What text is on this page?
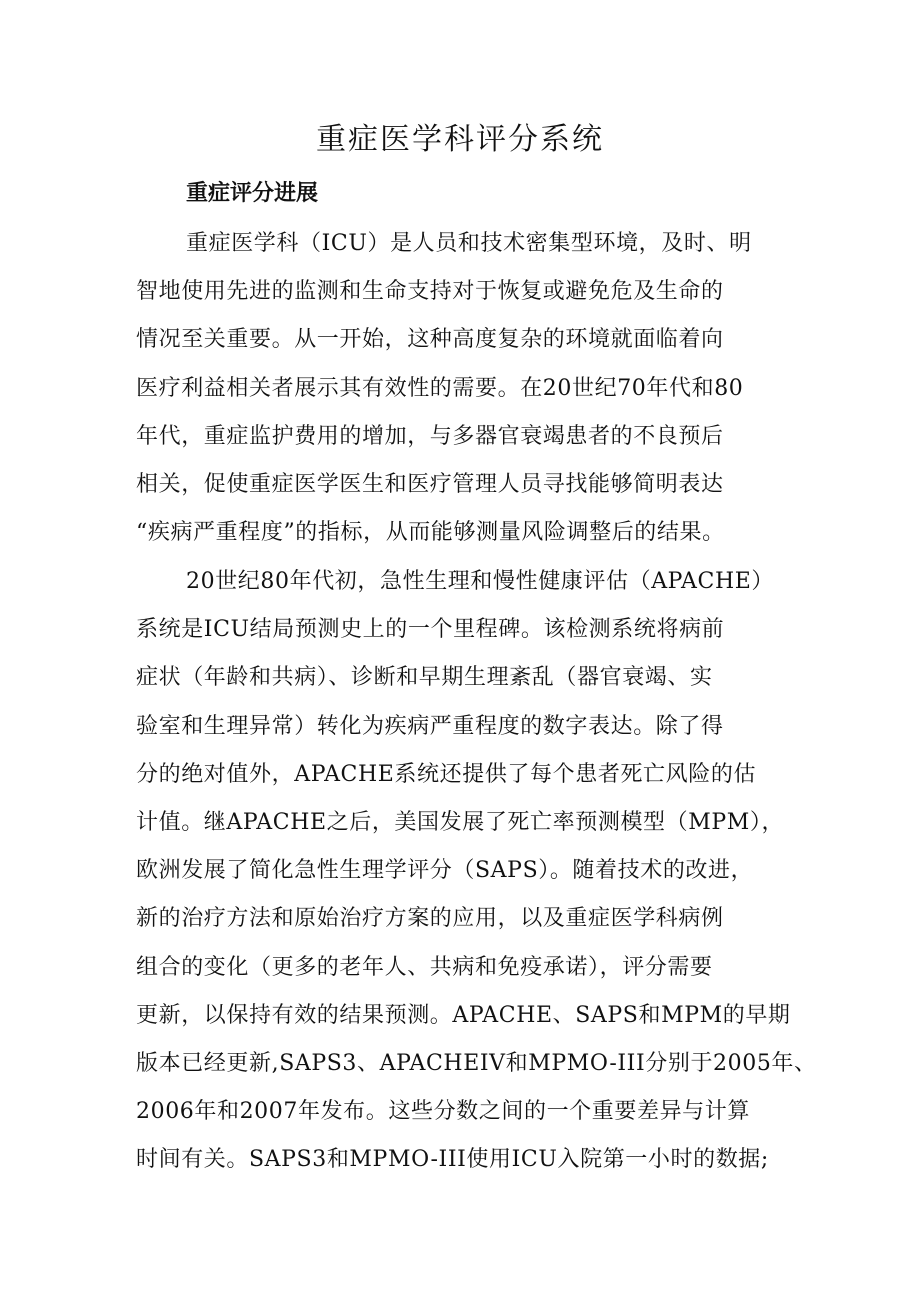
重症医学科评分系统
重症评分进展
重症医学科（ICU）是人员和技术密集型环境，及时、明
智地使用先进的监测和生命支持对于恢复或避免危及生命的
情况至关重要。从一开始，这种高度复杂的环境就面临着向
医疗利益相关者展示其有效性的需要。在20世纪70年代和80
年代，重症监护费用的增加，与多器官衰竭患者的不良预后
相关，促使重症医学医生和医疗管理人员寻找能够简明表达
“疾病严重程度”的指标，从而能够测量风险调整后的结果。
20世纪80年代初，急性生理和慢性健康评估（APACHE）
系统是ICU结局预测史上的一个里程碑。该检测系统将病前
症状（年龄和共病）、诊断和早期生理紊乱（器官衰竭、实
验室和生理异常）转化为疾病严重程度的数字表达。除了得
分的绝对值外，APACHE系统还提供了每个患者死亡风险的估
计值。继APACHE之后，美国发展了死亡率预测模型（MPM），
欧洲发展了简化急性生理学评分（SAPS）。随着技术的改进，
新的治疗方法和原始治疗方案的应用，以及重症医学科病例
组合的变化（更多的老年人、共病和免疫承诺），评分需要
更新，以保持有效的结果预测。APACHE、SAPS和MPM的早期
版本已经更新,SAPS3、APACHEIV和MPMO-III分别于2005年、
2006年和2007年发布。这些分数之间的一个重要差异与计算
时间有关。SAPS3和MPMO-III使用ICU入院第一小时的数据;
